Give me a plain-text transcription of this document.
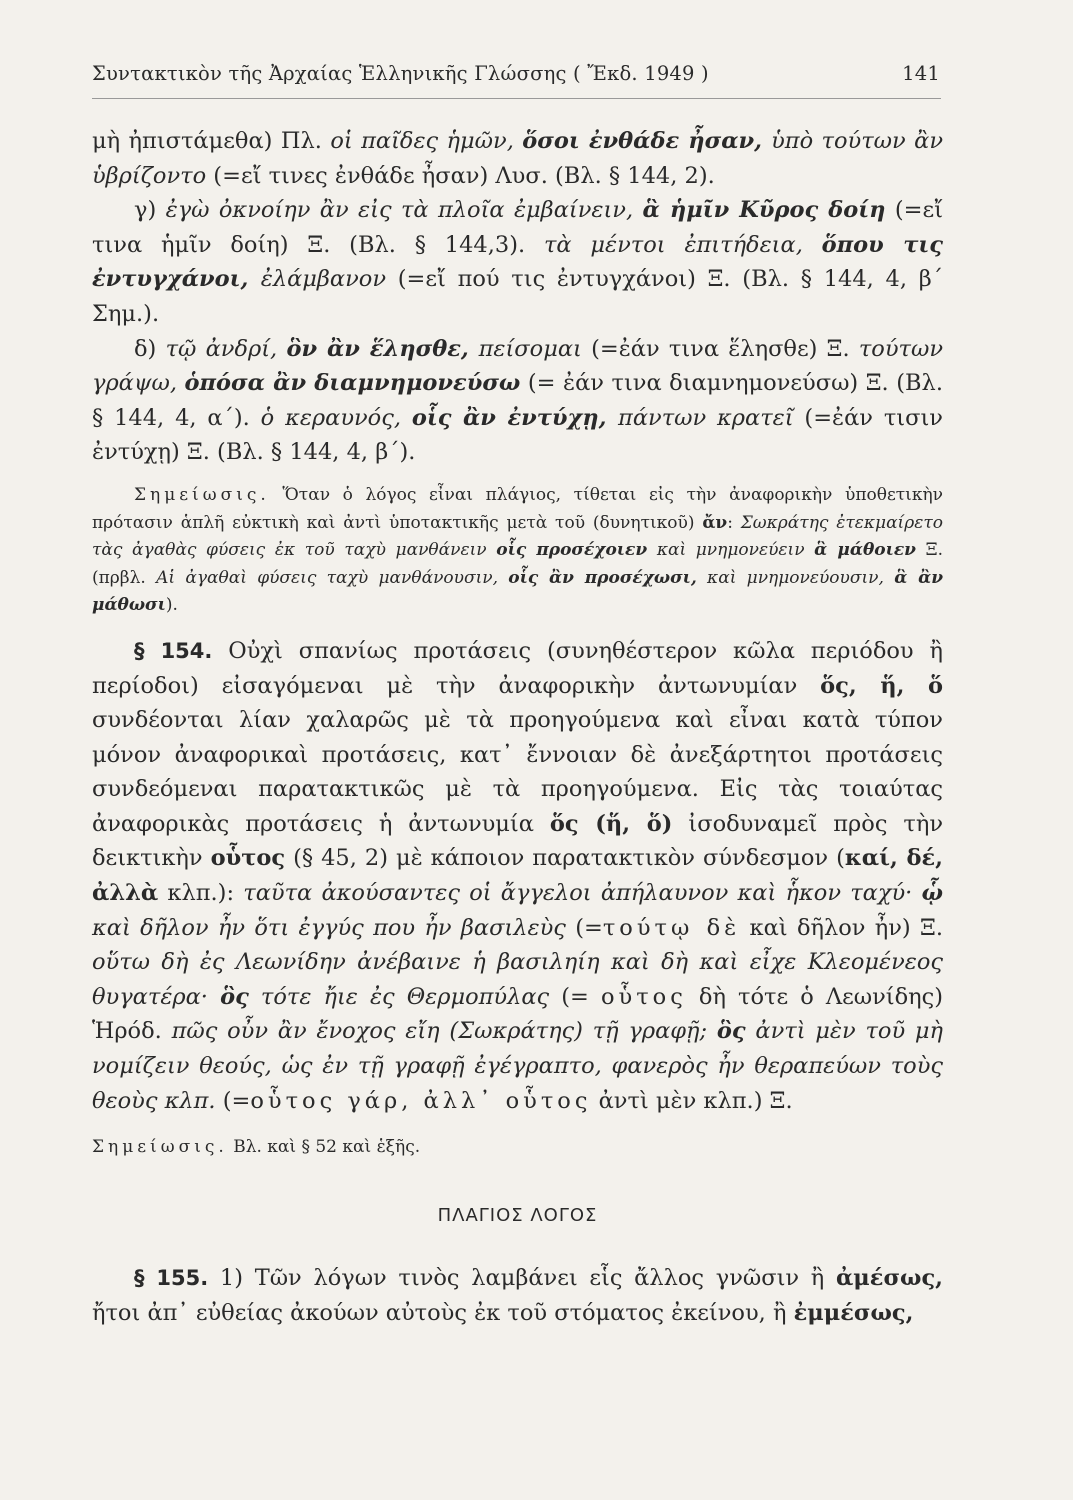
Συντακτικὸν τῆς Ἀρχαίας Ἑλληνικῆς Γλώσσης ( Ἔκδ. 1949 )	141

μὴ ἠπιστάμεθα) Πλ. οἱ παῖδες ἡμῶν, ὅσοι ἐνθάδε ἦσαν, ὑπὸ τούτων ἂν ὑβρίζοντο (=εἴ τινες ἐνθάδε ἦσαν) Λυσ. (Βλ. § 144, 2).

γ) ἐγὼ ὀκνοίην ἂν εἰς τὰ πλοῖα ἐμβαίνειν, ἃ ἡμῖν Κῦρος δοίη (=εἴ τινα ἡμῖν δοίη) Ξ. (Βλ. § 144,3). τὰ μέντοι ἐπιτήδεια, ὅπου τις ἐντυγχάνοι, ἐλάμβανον (=εἴ πού τις ἐντυγχάνοι) Ξ. (Βλ. § 144, 4, β΄ Σημ.).

δ) τῷ ἀνδρί, ὃν ἂν ἕλησθε, πείσομαι (=ἐάν τινα ἕλησθε) Ξ. τούτων γράψω, ὁπόσα ἂν διαμνημονεύσω (= ἐάν τινα διαμνημονεύσω) Ξ. (Βλ. § 144, 4, α΄). ὁ κεραυνός, οἷς ἂν ἐντύχῃ, πάντων κρατεῖ (=ἐάν τισιν ἐντύχῃ) Ξ. (Βλ. § 144, 4, β΄).

Σημείωσις. Ὅταν ὁ λόγος εἶναι πλάγιος, τίθεται εἰς τὴν ἀναφορικὴν ὑποθετικὴν πρότασιν ἁπλῆ εὐκτικὴ καὶ ἀντὶ ὑποτακτικῆς μετὰ τοῦ (δυνητικοῦ) ἄν: Σωκράτης ἐτεκμαίρετο τὰς ἀγαθὰς φύσεις ἐκ τοῦ ταχὺ μανθάνειν οἷς προσέχοιεν καὶ μνημονεύειν ἃ μάθοιεν Ξ. (πρβλ. Αἱ ἀγαθαὶ φύσεις ταχὺ μανθάνουσιν, οἷς ἂν προσέχωσι, καὶ μνημονεύουσιν, ἃ ἂν μάθωσι).

§ 154. Οὐχὶ σπανίως προτάσεις (συνηθέστερον κῶλα περιόδου ἢ περίοδοι) εἰσαγόμεναι μὲ τὴν ἀναφορικὴν ἀντωνυμίαν ὅς, ἥ, ὅ συνδέονται λίαν χαλαρῶς μὲ τὰ προηγούμενα καὶ εἶναι κατὰ τύπον μόνον ἀναφορικαὶ προτάσεις, κατ᾽ ἔννοιαν δὲ ἀνεξάρτητοι προτάσεις συνδεόμεναι παρατακτικῶς μὲ τὰ προηγούμενα. Εἰς τὰς τοιαύτας ἀναφορικὰς προτάσεις ἡ ἀντωνυμία ὅς (ἥ, ὅ) ἰσοδυναμεῖ πρὸς τὴν δεικτικὴν οὗτος (§ 45, 2) μὲ κάποιον παρατακτικὸν σύνδεσμον (καί, δέ, ἀλλὰ κλπ.): ταῦτα ἀκούσαντες οἱ ἄγγελοι ἀπήλαυνον καὶ ἧκον ταχύ· ᾧ καὶ δῆλον ἦν ὅτι ἐγγύς που ἦν βασιλεὺς (=τούτῳ δὲ καὶ δῆλον ἦν) Ξ. οὕτω δὴ ἐς Λεωνίδην ἀνέβαινε ἡ βασιληίη καὶ δὴ καὶ εἶχε Κλεομένεος θυγατέρα· ὃς τότε ἤιε ἐς Θερμοπύλας (= οὗτος δὴ τότε ὁ Λεωνίδης) Ἡρόδ. πῶς οὖν ἂν ἔνοχος εἴη (Σωκράτης) τῇ γραφῇ; ὃς ἀντὶ μὲν τοῦ μὴ νομίζειν θεούς, ὡς ἐν τῇ γραφῇ ἐγέγραπτο, φανερὸς ἦν θεραπεύων τοὺς θεοὺς κλπ. (=οὗτος γάρ, ἀλλ᾽ οὗτος ἀντὶ μὲν κλπ.) Ξ.

Σημείωσις. Βλ. καὶ § 52 καὶ ἑξῆς.

ΠΛΑΓΙΟΣ ΛΟΓΟΣ

§ 155. 1) Τῶν λόγων τινὸς λαμβάνει εἷς ἄλλος γνῶσιν ἢ ἀμέσως, ἤτοι ἀπ᾽ εὐθείας ἀκούων αὐτοὺς ἐκ τοῦ στόματος ἐκείνου, ἢ ἐμμέσως,
